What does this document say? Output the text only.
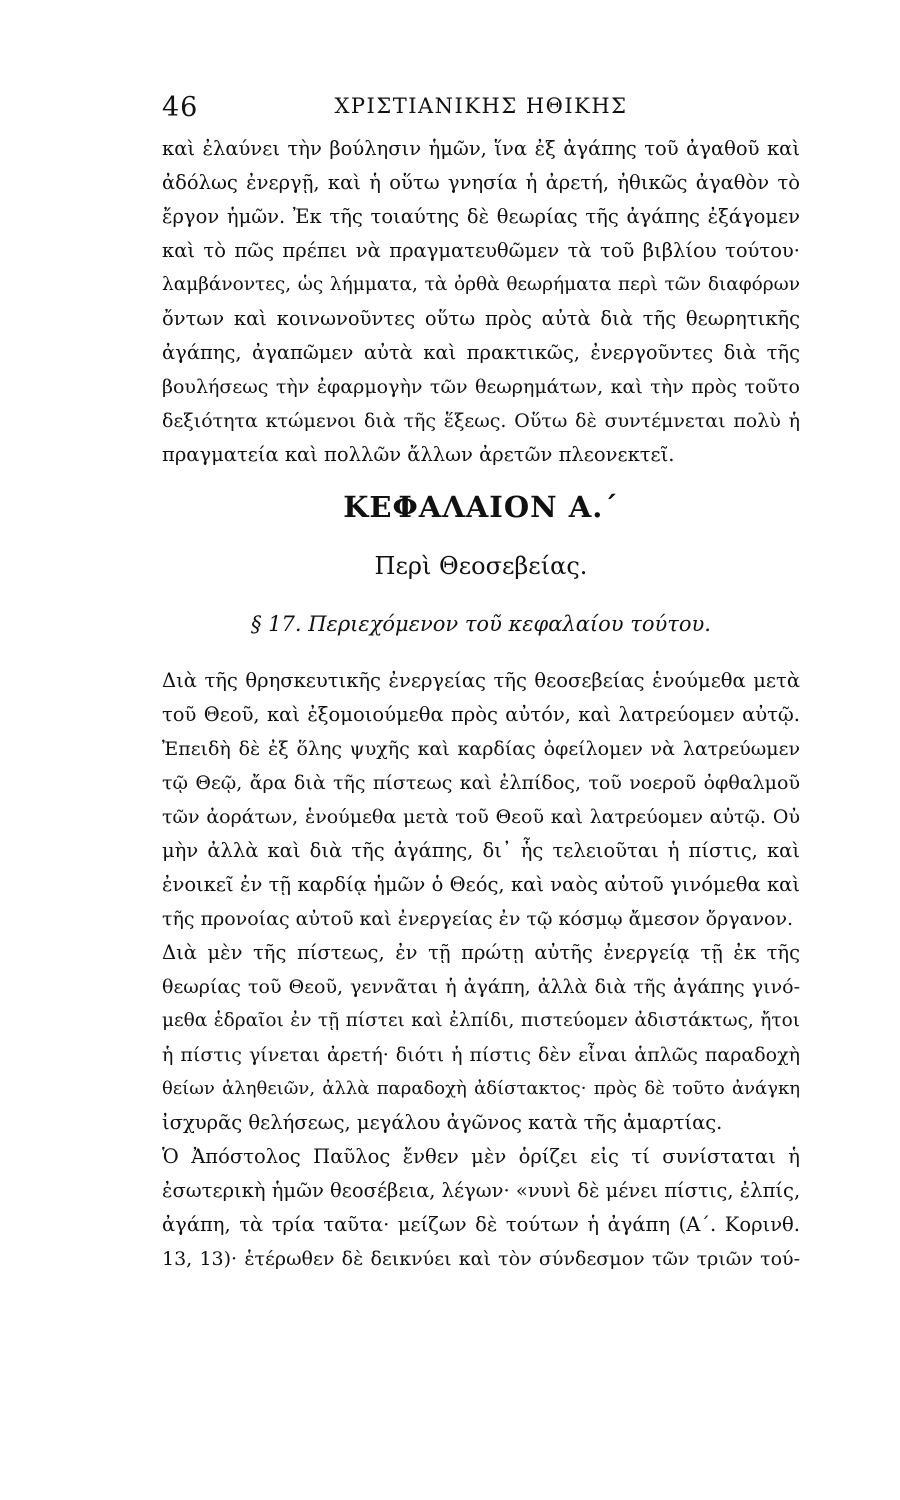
46	ΧΡΙΣΤΙΑΝΙΚΗΣ ΗΘΙΚΗΣ
καὶ ἐλαύνει τὴν βούλησιν ἡμῶν, ἵνα ἐξ ἀγάπης τοῦ ἀγαθοῦ καὶ
ἀδόλως ἐνεργῇ, καὶ ἡ οὕτω γνησία ἡ ἀρετή, ἠθικῶς ἀγαθὸν τὸ
ἔργον ἡμῶν. Ἐκ τῆς τοιαύτης δὲ θεωρίας τῆς ἀγάπης ἐξάγομεν
καὶ τὸ πῶς πρέπει νὰ πραγματευθῶμεν τὰ τοῦ βιβλίου τούτου·
λαμβάνοντες, ὡς λήμματα, τὰ ὀρθὰ θεωρήματα περὶ τῶν διαφόρων
ὄντων καὶ κοινωνοῦντες οὕτω πρὸς αὐτὰ διὰ τῆς θεωρητικῆς
ἀγάπης, ἀγαπῶμεν αὐτὰ καὶ πρακτικῶς, ἐνεργοῦντες διὰ τῆς
βουλήσεως τὴν ἐφαρμογὴν τῶν θεωρημάτων, καὶ τὴν πρὸς τοῦτο
δεξιότητα κτώμενοι διὰ τῆς ἕξεως. Οὕτω δὲ συντέμνεται πολὺ ἡ
πραγματεία καὶ πολλῶν ἄλλων ἀρετῶν πλεονεκτεῖ.
ΚΕΦΑΛΑΙΟΝ Α.΄
Περὶ Θεοσεβείας.
§ 17. Περιεχόμενον τοῦ κεφαλαίου τούτου.
Διὰ τῆς θρησκευτικῆς ἐνεργείας τῆς θεοσεβείας ἑνούμεθα μετὰ
τοῦ Θεοῦ, καὶ ἐξομοιούμεθα πρὸς αὐτόν, καὶ λατρεύομεν αὐτῷ.
Ἐπειδὴ δὲ ἐξ ὅλης ψυχῆς καὶ καρδίας ὀφείλομεν νὰ λατρεύωμεν
τῷ Θεῷ, ἄρα διὰ τῆς πίστεως καὶ ἐλπίδος, τοῦ νοεροῦ ὀφθαλμοῦ
τῶν ἀοράτων, ἑνούμεθα μετὰ τοῦ Θεοῦ καὶ λατρεύομεν αὐτῷ. Οὐ
μὴν ἀλλὰ καὶ διὰ τῆς ἀγάπης, δι᾽ ἧς τελειοῦται ἡ πίστις, καὶ
ἐνοικεῖ ἐν τῇ καρδίᾳ ἡμῶν ὁ Θεός, καὶ ναὸς αὐτοῦ γινόμεθα καὶ
τῆς προνοίας αὐτοῦ καὶ ἐνεργείας ἐν τῷ κόσμῳ ἄμεσον ὄργανον.
Διὰ μὲν τῆς πίστεως, ἐν τῇ πρώτῃ αὐτῆς ἐνεργείᾳ τῇ ἐκ τῆς
θεωρίας τοῦ Θεοῦ, γεννᾶται ἡ ἀγάπη, ἀλλὰ διὰ τῆς ἀγάπης γινό-
μεθα ἑδραῖοι ἐν τῇ πίστει καὶ ἐλπίδι, πιστεύομεν ἀδιστάκτως, ἤτοι
ἡ πίστις γίνεται ἀρετή· διότι ἡ πίστις δὲν εἶναι ἁπλῶς παραδοχὴ
θείων ἀληθειῶν, ἀλλὰ παραδοχὴ ἀδίστακτος· πρὸς δὲ τοῦτο ἀνάγκη
ἰσχυρᾶς θελήσεως, μεγάλου ἀγῶνος κατὰ τῆς ἁμαρτίας.
Ὁ Ἀπόστολος Παῦλος ἔνθεν μὲν ὁρίζει εἰς τί συνίσταται ἡ
ἐσωτερικὴ ἡμῶν θεοσέβεια, λέγων· «νυνὶ δὲ μένει πίστις, ἐλπίς,
ἀγάπη, τὰ τρία ταῦτα· μείζων δὲ τούτων ἡ ἀγάπη (Α΄. Κορινθ.
13, 13)· ἑτέρωθεν δὲ δεικνύει καὶ τὸν σύνδεσμον τῶν τριῶν τού-
